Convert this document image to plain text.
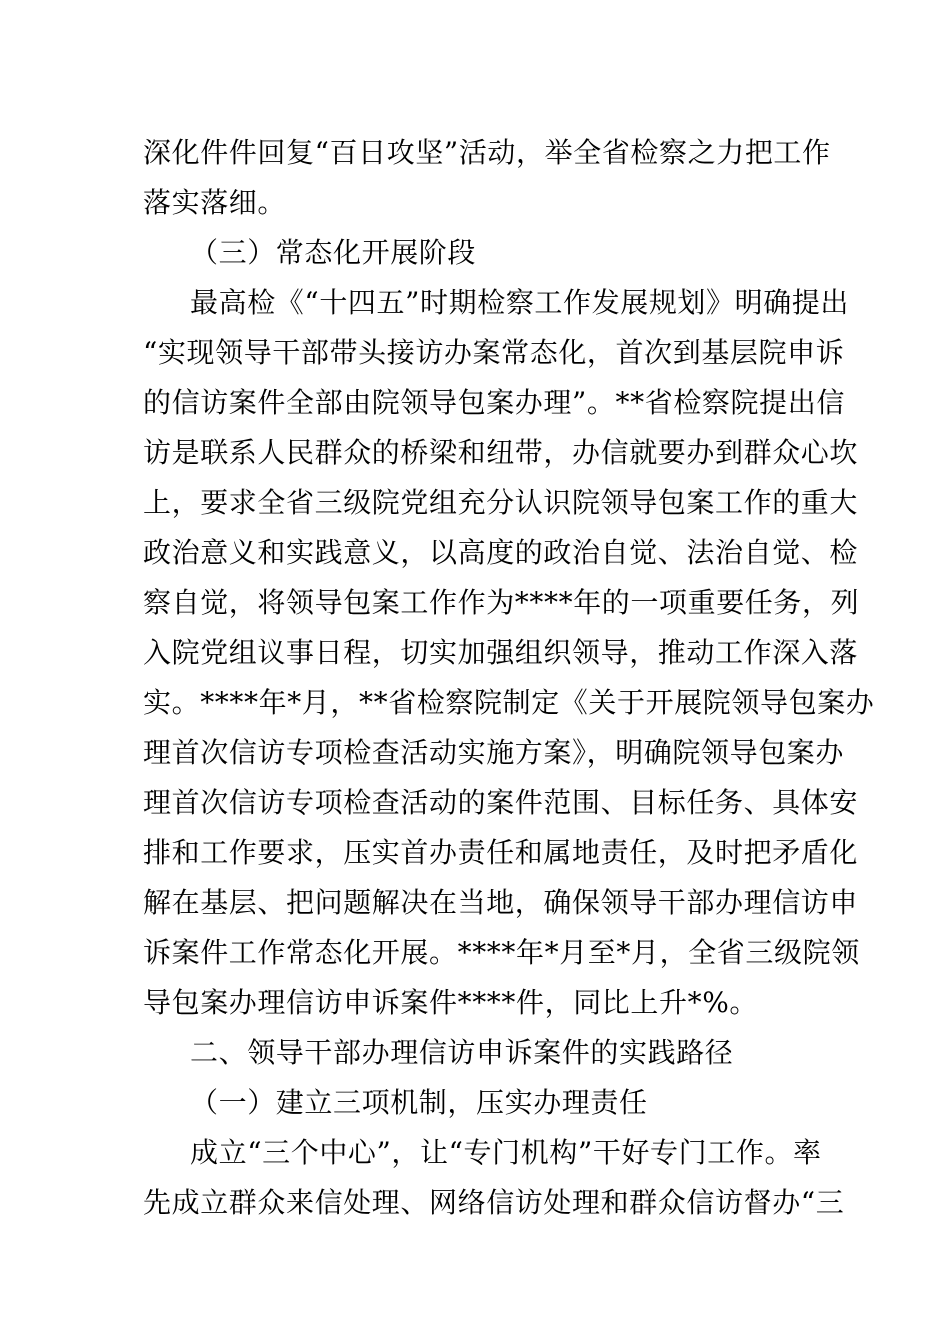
深化件件回复“百日攻坚”活动，举全省检察之力把工作
落实落细。
（三）常态化开展阶段
最高检《“十四五”时期检察工作发展规划》明确提出
“实现领导干部带头接访办案常态化，首次到基层院申诉
的信访案件全部由院领导包案办理”。**省检察院提出信
访是联系人民群众的桥梁和纽带，办信就要办到群众心坎
上，要求全省三级院党组充分认识院领导包案工作的重大
政治意义和实践意义，以高度的政治自觉、法治自觉、检
察自觉，将领导包案工作作为****年的一项重要任务，列
入院党组议事日程，切实加强组织领导，推动工作深入落
实。****年*月，**省检察院制定《关于开展院领导包案办
理首次信访专项检查活动实施方案》，明确院领导包案办
理首次信访专项检查活动的案件范围、目标任务、具体安
排和工作要求，压实首办责任和属地责任，及时把矛盾化
解在基层、把问题解决在当地，确保领导干部办理信访申
诉案件工作常态化开展。****年*月至*月，全省三级院领
导包案办理信访申诉案件****件，同比上升*%。
二、领导干部办理信访申诉案件的实践路径
（一）建立三项机制，压实办理责任
成立“三个中心”，让“专门机构”干好专门工作。率
先成立群众来信处理、网络信访处理和群众信访督办“三
